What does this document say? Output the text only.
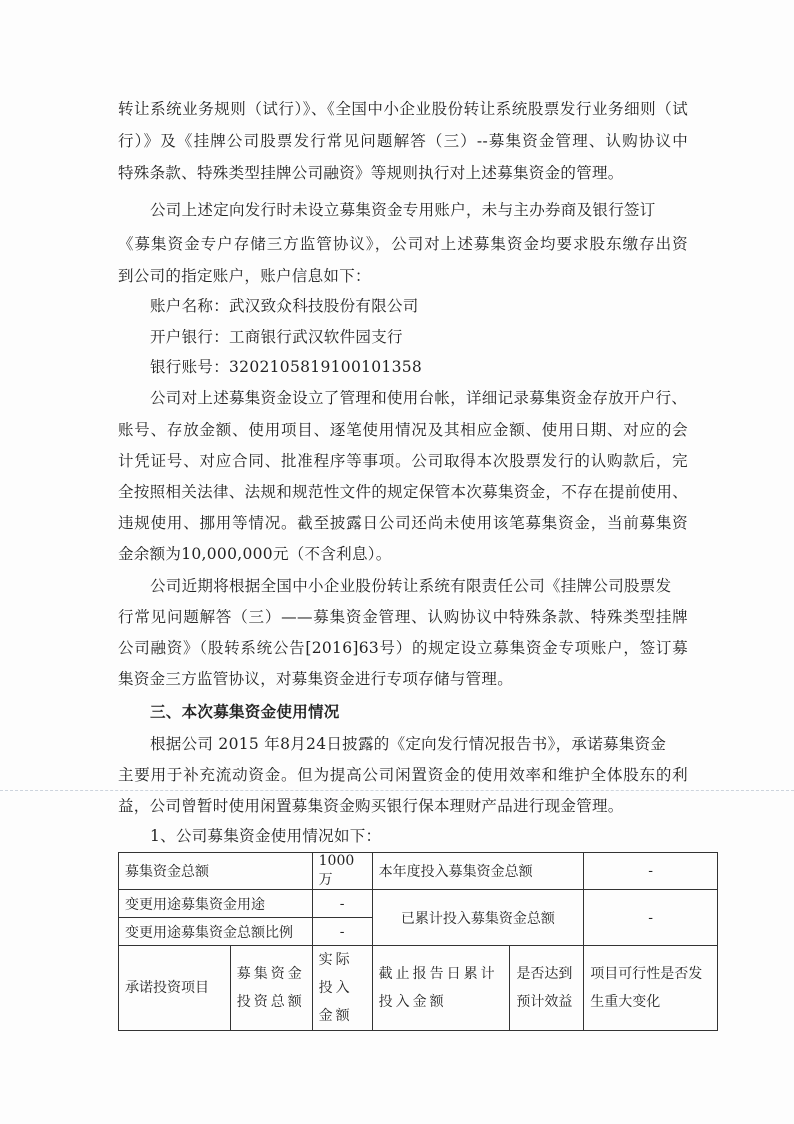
转让系统业务规则（试行）》、《全国中小企业股份转让系统股票发行业务细则（试
行）》及《挂牌公司股票发行常见问题解答（三）--募集资金管理、认购协议中
特殊条款、特殊类型挂牌公司融资》等规则执行对上述募集资金的管理。
公司上述定向发行时未设立募集资金专用账户，未与主办券商及银行签订
《募集资金专户存储三方监管协议》，公司对上述募集资金均要求股东缴存出资
到公司的指定账户，账户信息如下：
账户名称：武汉致众科技股份有限公司
开户银行：工商银行武汉软件园支行
银行账号：3202105819100101358
公司对上述募集资金设立了管理和使用台帐，详细记录募集资金存放开户行、
账号、存放金额、使用项目、逐笔使用情况及其相应金额、使用日期、对应的会
计凭证号、对应合同、批准程序等事项。公司取得本次股票发行的认购款后，完
全按照相关法律、法规和规范性文件的规定保管本次募集资金，不存在提前使用、
违规使用、挪用等情况。截至披露日公司还尚未使用该笔募集资金，当前募集资
金余额为10,000,000元（不含利息）。
公司近期将根据全国中小企业股份转让系统有限责任公司《挂牌公司股票发
行常见问题解答（三）——募集资金管理、认购协议中特殊条款、特殊类型挂牌
公司融资》（股转系统公告[2016]63号）的规定设立募集资金专项账户，签订募
集资金三方监管协议，对募集资金进行专项存储与管理。
三、本次募集资金使用情况
根据公司 2015 年8月24日披露的《定向发行情况报告书》，承诺募集资金
主要用于补充流动资金。但为提高公司闲置资金的使用效率和维护全体股东的利
益，公司曾暂时使用闲置募集资金购买银行保本理财产品进行现金管理。
1、公司募集资金使用情况如下：
募集资金总额		1000万	本年度投入募集资金总额		-
变更用途募集资金用途		-	已累计投入募集资金总额		-
变更用途募集资金总额比例		-			
承诺投资项目	募集资金投资总额	实际投入金额	截止报告日累计投入金额	是否达到预计效益	项目可行性是否发生重大变化
